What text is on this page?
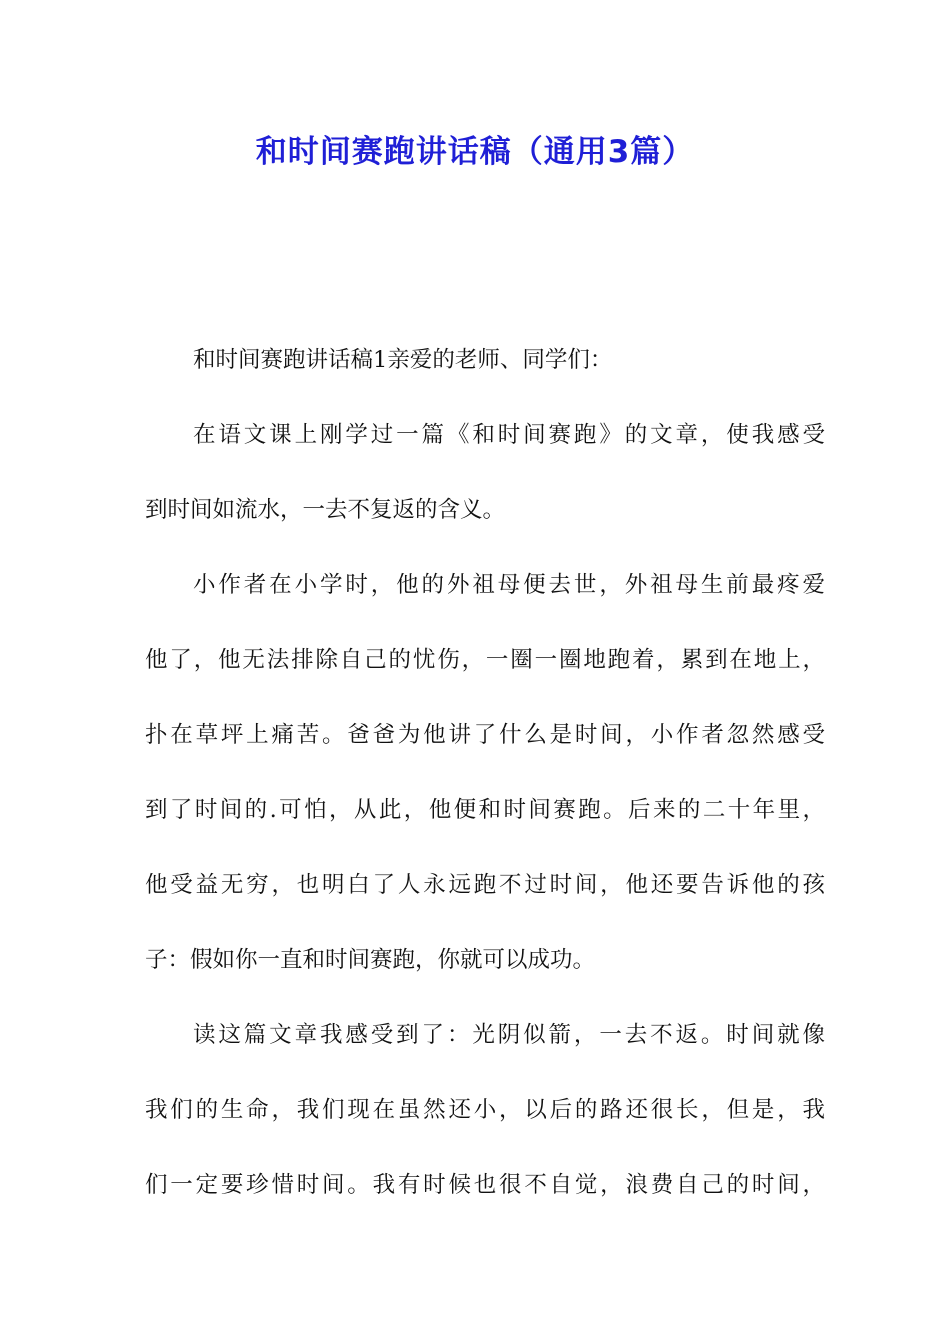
和时间赛跑讲话稿（通用3篇）
和时间赛跑讲话稿1亲爱的老师、同学们：
在语文课上刚学过一篇《和时间赛跑》的文章，使我感受
到时间如流水，一去不复返的含义。
小作者在小学时，他的外祖母便去世，外祖母生前最疼爱
他了，他无法排除自己的忧伤，一圈一圈地跑着，累到在地上，
扑在草坪上痛苦。爸爸为他讲了什么是时间，小作者忽然感受
到了时间的.可怕，从此，他便和时间赛跑。后来的二十年里，
他受益无穷，也明白了人永远跑不过时间，他还要告诉他的孩
子：假如你一直和时间赛跑，你就可以成功。
读这篇文章我感受到了：光阴似箭，一去不返。时间就像
我们的生命，我们现在虽然还小，以后的路还很长，但是，我
们一定要珍惜时间。我有时候也很不自觉，浪费自己的时间，
